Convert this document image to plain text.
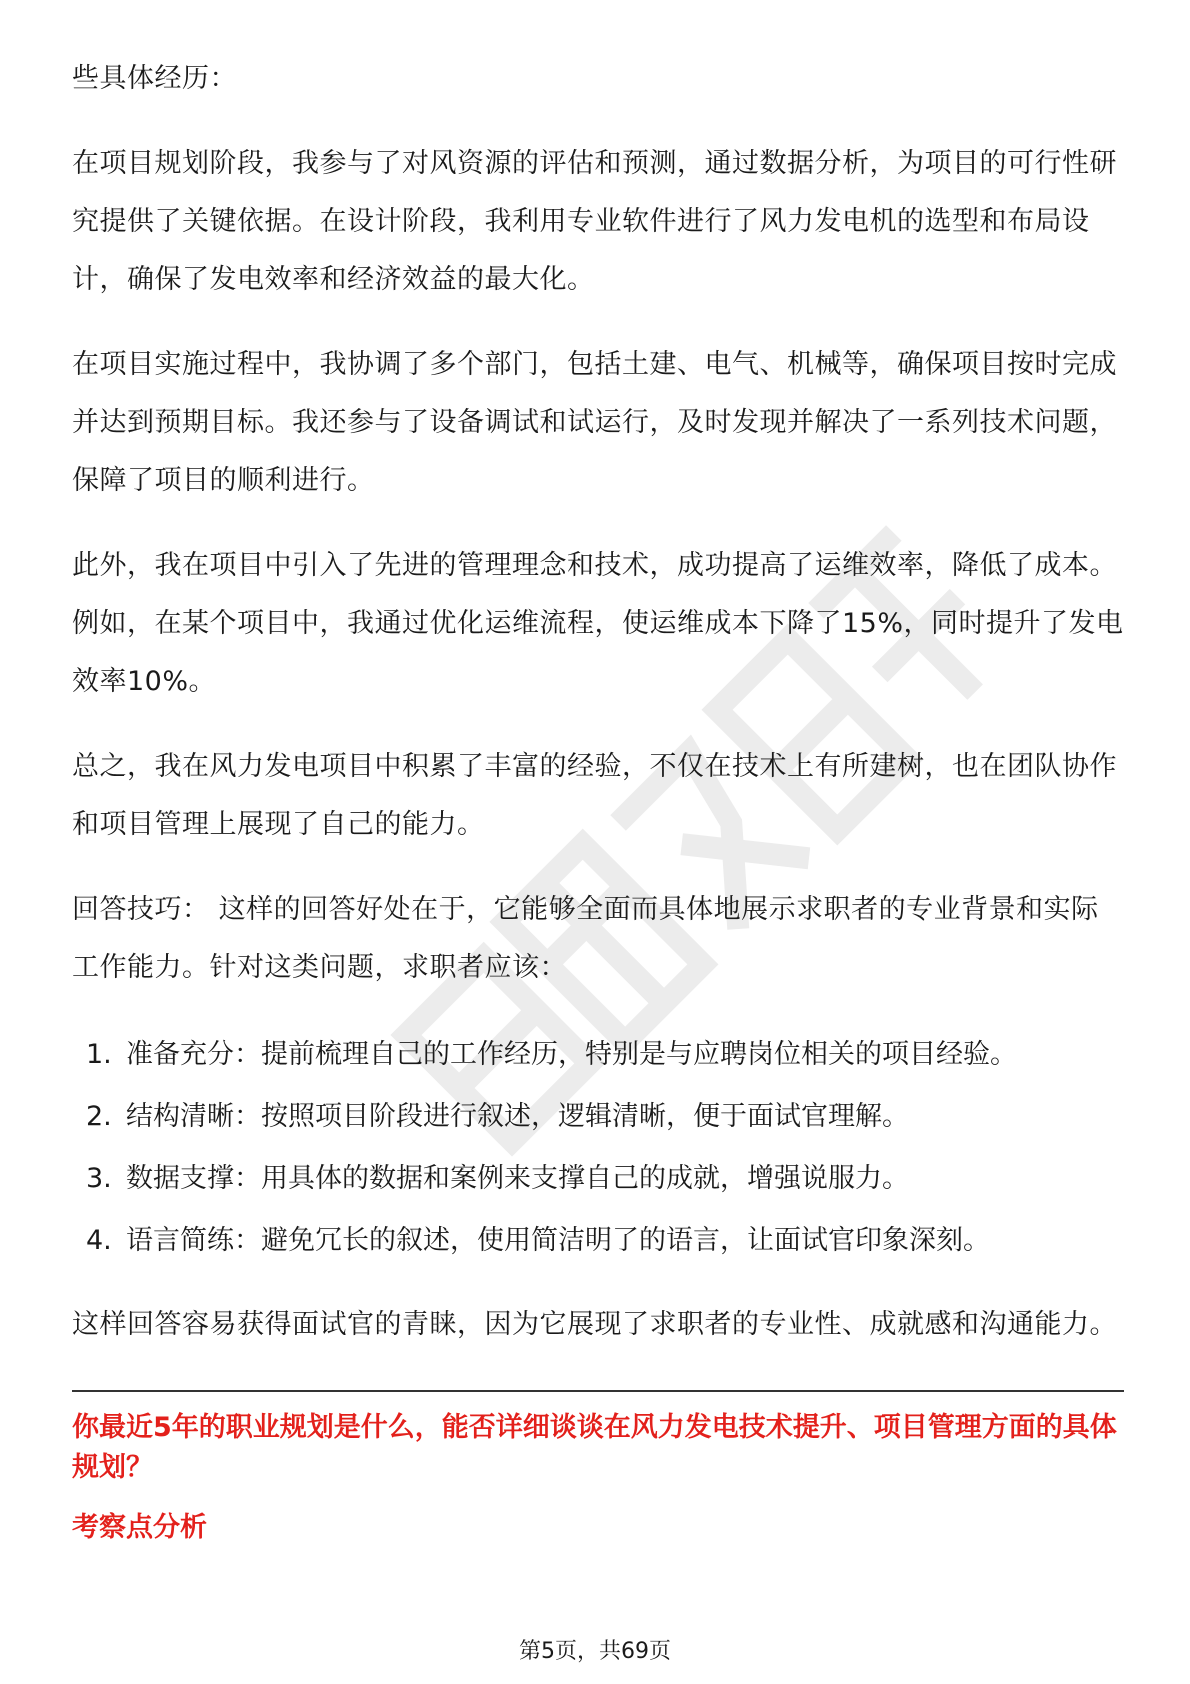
些具体经历：

在项目规划阶段，我参与了对风资源的评估和预测，通过数据分析，为项目的可行性研究提供了关键依据。在设计阶段，我利用专业软件进行了风力发电机的选型和布局设计，确保了发电效率和经济效益的最大化。

在项目实施过程中，我协调了多个部门，包括土建、电气、机械等，确保项目按时完成并达到预期目标。我还参与了设备调试和试运行，及时发现并解决了一系列技术问题，保障了项目的顺利进行。

此外，我在项目中引入了先进的管理理念和技术，成功提高了运维效率，降低了成本。例如，在某个项目中，我通过优化运维流程，使运维成本下降了15%，同时提升了发电效率10%。

总之，我在风力发电项目中积累了丰富的经验，不仅在技术上有所建树，也在团队协作和项目管理上展现了自己的能力。

回答技巧： 这样的回答好处在于，它能够全面而具体地展示求职者的专业背景和实际工作能力。针对这类问题，求职者应该：

1. 准备充分：提前梳理自己的工作经历，特别是与应聘岗位相关的项目经验。
2. 结构清晰：按照项目阶段进行叙述，逻辑清晰，便于面试官理解。
3. 数据支撑：用具体的数据和案例来支撑自己的成就，增强说服力。
4. 语言简练：避免冗长的叙述，使用简洁明了的语言，让面试官印象深刻。

这样回答容易获得面试官的青睐，因为它展现了求职者的专业性、成就感和沟通能力。

你最近5年的职业规划是什么，能否详细谈谈在风力发电技术提升、项目管理方面的具体规划？

考察点分析

第5页，共69页
